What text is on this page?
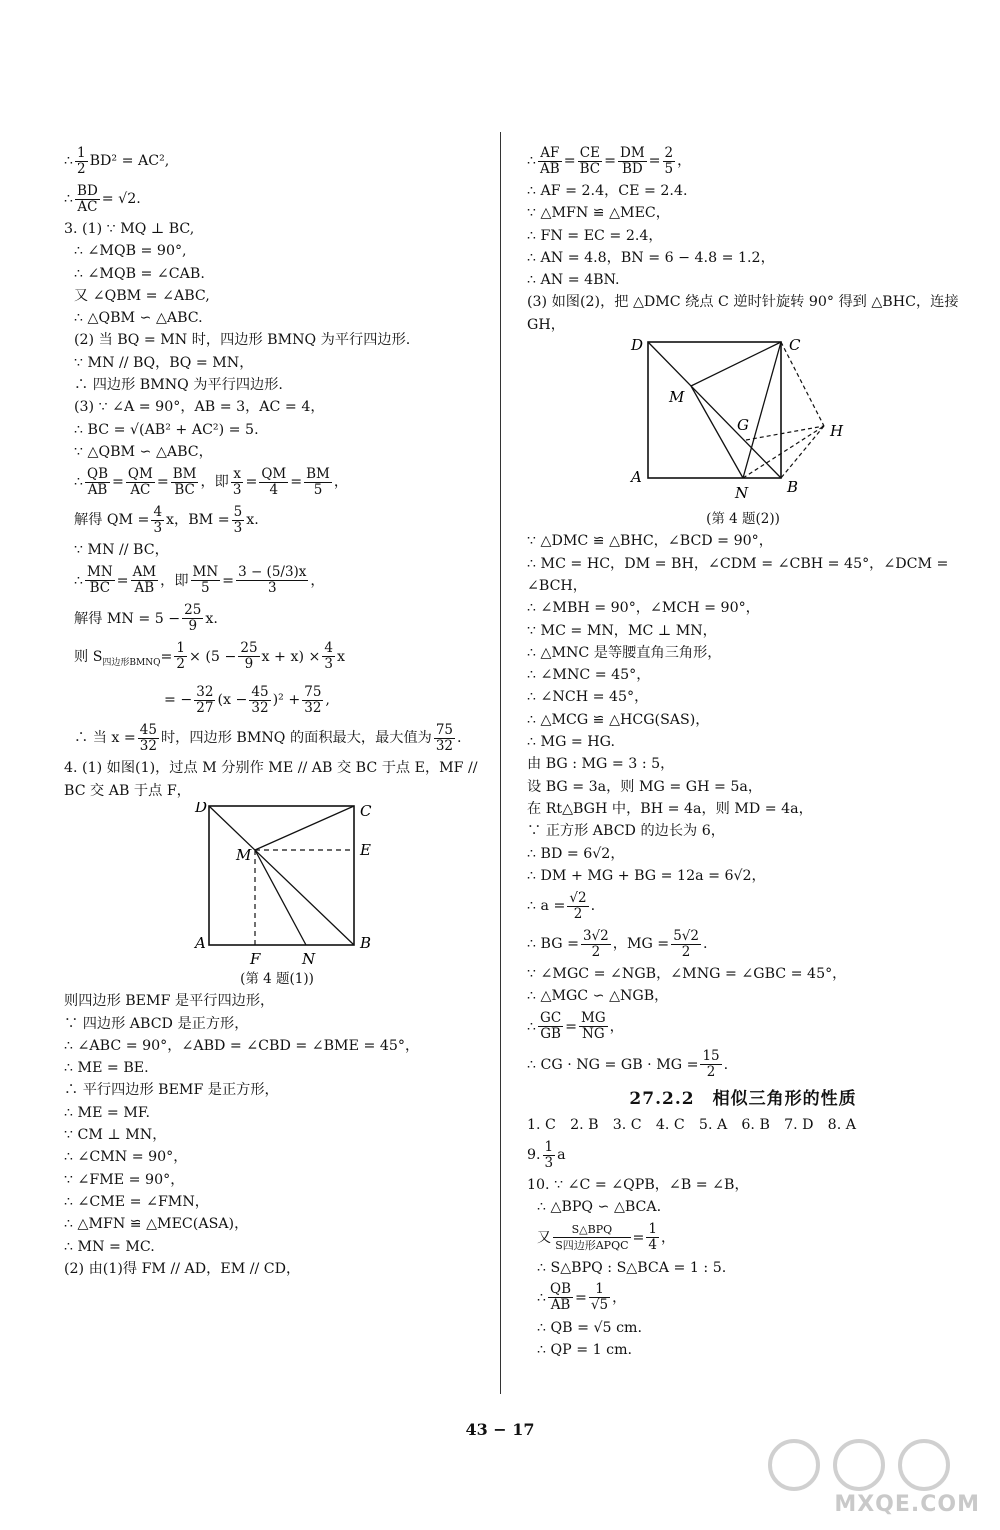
∴ $\frac{1}{2} BD^2 = AC^2$,
∴ $\frac{BD}{AC} = √2$.
3. (1) ∵ MQ ⊥ BC,
∴ ∠MQB = 90°,
∴ ∠MQB = ∠CAB.
又 ∠QBM = ∠ABC,
∴ △QBM ∽ △ABC.
(2) 当 BQ = MN 时，四边形 BMNQ 为平行四边形.
∵ MN // BQ，BQ = MN，
∴ 四边形 BMNQ 为平行四边形.
(3) ∵ ∠A = 90°，AB = 3，AC = 4，
∴ BC = √(AB² + AC²) = 5.
∵ △QBM ∽ △ABC，
∴ $\frac{QB}{AB} = \frac{QM}{AC} = \frac{BM}{BC}$ ，即 $\frac{x}{3} = \frac{QM}{4} = \frac{BM}{5}$ ，
解得 QM = $\frac{4}{3}$ x，BM = $\frac{5}{3} x$.
∵ MN // BC，
∴ $\frac{MN}{BC} = \frac{AM}{AB}$ ，即 $\frac{MN}{5} = \frac{3 - (5/3)x}{3}$ ，
解得 MN = $5 - \frac{25}{9} x$.
则 $S_{四边形BMNQ}= \frac{1}{2} \times (5 - \frac{25}{9}$ $x + x) \times \frac{4}{3}$ x
= − $\frac{32}{27} (x - \frac{45}{32} )^2 + \frac{75}{32}$ ,
∴ 当 $x = \frac{45}{32}$ 时，四边形 BMNQ 的面积最大，最大值为 $\frac{75}{32}$ .
4. (1) 如图(1)，过点 M 分别作 ME // AB 交 BC 于点 E，MF // BC 交 AB 于点 F，
D	C
M	E
A
F	N
B
(第 4 题(1))
则四边形 BEMF 是平行四边形，
∵ 四边形 ABCD 是正方形，
∴ ∠ABC = 90°，∠ABD = ∠CBD = ∠BME = 45°，
∴ ME = BE.
∴ 平行四边形 BEMF 是正方形，
∴ ME = MF.
∵ CM ⊥ MN，
∴ ∠CMN = 90°，
∵ ∠FME = 90°，
∴ ∠CME = ∠FMN，
∴ △MFN ≌ △MEC(ASA)，
∴ MN = MC.
(2) 由(1)得 FM // AD，EM // CD，
∴ $\frac{AF}{AB} = \frac{CE}{BC} = \frac{DM}{BD} = \frac{2}{5}$ ，
∴ AF = 2.4，CE = 2.4.
∵ △MFN ≌ △MEC，
∴ FN = EC = 2.4，
∴ AN = 4.8，BN = 6 − 4.8 = 1.2，
∴ AN = 4BN.
(3) 如图(2)，把 △DMC 绕点 C 逆时针旋转 90° 得到 △BHC，连接 GH，
D	C
M
G	H
A
N	B
(第 4 题(2))
∵ △DMC ≌ △BHC，∠BCD = 90°，
∴ MC = HC，DM = BH，∠CDM = ∠CBH = 45°，∠DCM = ∠BCH，
∴ ∠MBH = 90°，∠MCH = 90°，
∵ MC = MN，MC ⊥ MN，
∴ △MNC 是等腰直角三角形，
∴ ∠MNC = 45°，
∴ ∠NCH = 45°，
∴ △MCG ≌ △HCG(SAS)，
∴ MG = HG.
由 BG : MG = 3 : 5，
设 BG = 3a，则 MG = GH = 5a，
在 Rt△BGH 中，BH = 4a，则 MD = 4a，
∵ 正方形 ABCD 的边长为 6，
∴ BD = 6√2，
∴ DM + MG + BG = 12a = 6√2，
∴ $a = \frac{√2}{2}$ .
∴ BG = $\frac{3√2}{2}$ ，MG = $\frac{5√2}{2}$ .
∵ ∠MGC = ∠NGB，∠MNG = ∠GBC = 45°，
∴ △MGC ∽ △NGB，
∴ $\frac{GC}{GB} = \frac{MG}{NG}$ ，
∴ CG · NG = GB · MG = $\frac{15}{2}$ .
27.2.2　相似三角形的性质
1. C　2. B　3. C　4. C　5. A　6. B　7. D　8. A
9. $\frac{1}{3}$ a
10. ∵ ∠C = ∠QPB，∠B = ∠B，
∴ △BPQ ∽ △BCA.
又 $\frac{\text{S△BPQ}}{\text{S四边形APQC}} = \frac{1}{4}$ ，
∴ S△BPQ : S△BCA = 1 : 5.
∴ $\frac{QB}{AB} = \frac{1}{√5}$ ，
∴ QB = √5 cm.
∴ QP = 1 cm.
43 − 17
MXQE.COM
